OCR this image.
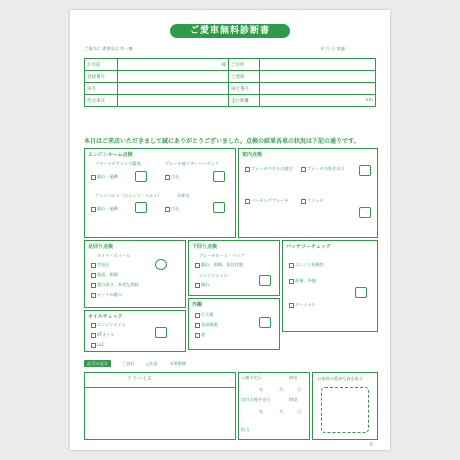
ご愛車無料診断書
ご案内に 書書品は 有・無	年 月 日 実施
お名前	様	ご住所	
登録番号		ご連絡	
車名		車台番号	
型式車式		走行距離	km
本日はご来店いただきまして誠にありがとうございました。点検の結果各車の状況は下記の通りです。
エンジンルーム点検
パワーステアリング漏洩	ブレーキ液リザーバータンク
漏れ・過剰	汚れ
ファンベルト（エンジン・ベルト）	冷却水
漏れ・過剰	汚れ
室内点検
ブレーキペダルの遊び	ブレーキの効き具合
パーキングブレーキ	クラッチ
足回り点検
タイヤ・ホイール
空気圧
亀裂、損傷
溝の深さ、異常な摩耗
ナットの緩み
下回り点検
ブレーキホース・パイプ
漏れ、損傷、取付状態
エンジンオイル
漏れ
バッテリーチェック
エンジン始動性
液量、外観
ターミナル
外観
灯火類
各部損傷
窓
オイルチェック
エンジンオイル
ATオイル
LLC
記号の見方	〇良好	△注意	✕要整備
アドバイス	入庫予定日	時頃
年	月	日
次回点検予定日	時頃
年	月	日
担当
お客様の愛車写真を貼る
5
